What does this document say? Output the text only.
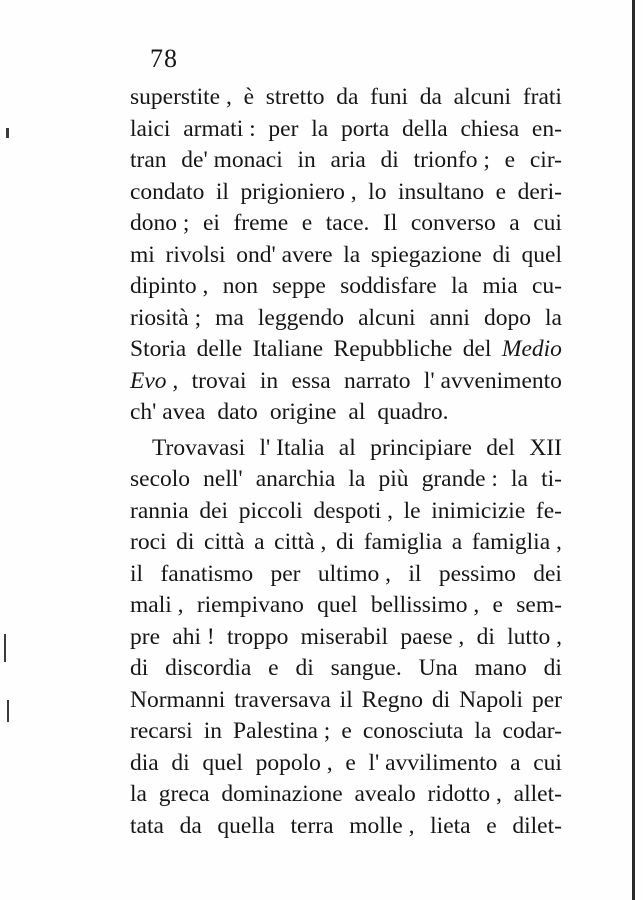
78
superstite , è stretto da funi da alcuni frati
laici armati : per la porta della chiesa en-
tran de' monaci in aria di trionfo ; e cir-
condato il prigioniero , lo insultano e deri-
dono ; ei freme e tace. Il converso a cui
mi rivolsi ond' avere la spiegazione di quel
dipinto , non seppe soddisfare la mia cu-
riosità ; ma leggendo alcuni anni dopo la
Storia delle Italiane Repubbliche del Medio
Evo , trovai in essa narrato l' avvenimento
ch' avea dato origine al quadro.
Trovavasi l' Italia al principiare del XII
secolo nell' anarchia la più grande : la ti-
rannia dei piccoli despoti , le inimicizie fe-
roci di città a città , di famiglia a famiglia ,
il fanatismo per ultimo , il pessimo dei
mali , riempivano quel bellissimo , e sem-
pre ahi ! troppo miserabil paese , di lutto ,
di discordia e di sangue. Una mano di
Normanni traversava il Regno di Napoli per
recarsi in Palestina ; e conosciuta la codar-
dia di quel popolo , e l' avvilimento a cui
la greca dominazione avealo ridotto , allet-
tata da quella terra molle , lieta e dilet-
